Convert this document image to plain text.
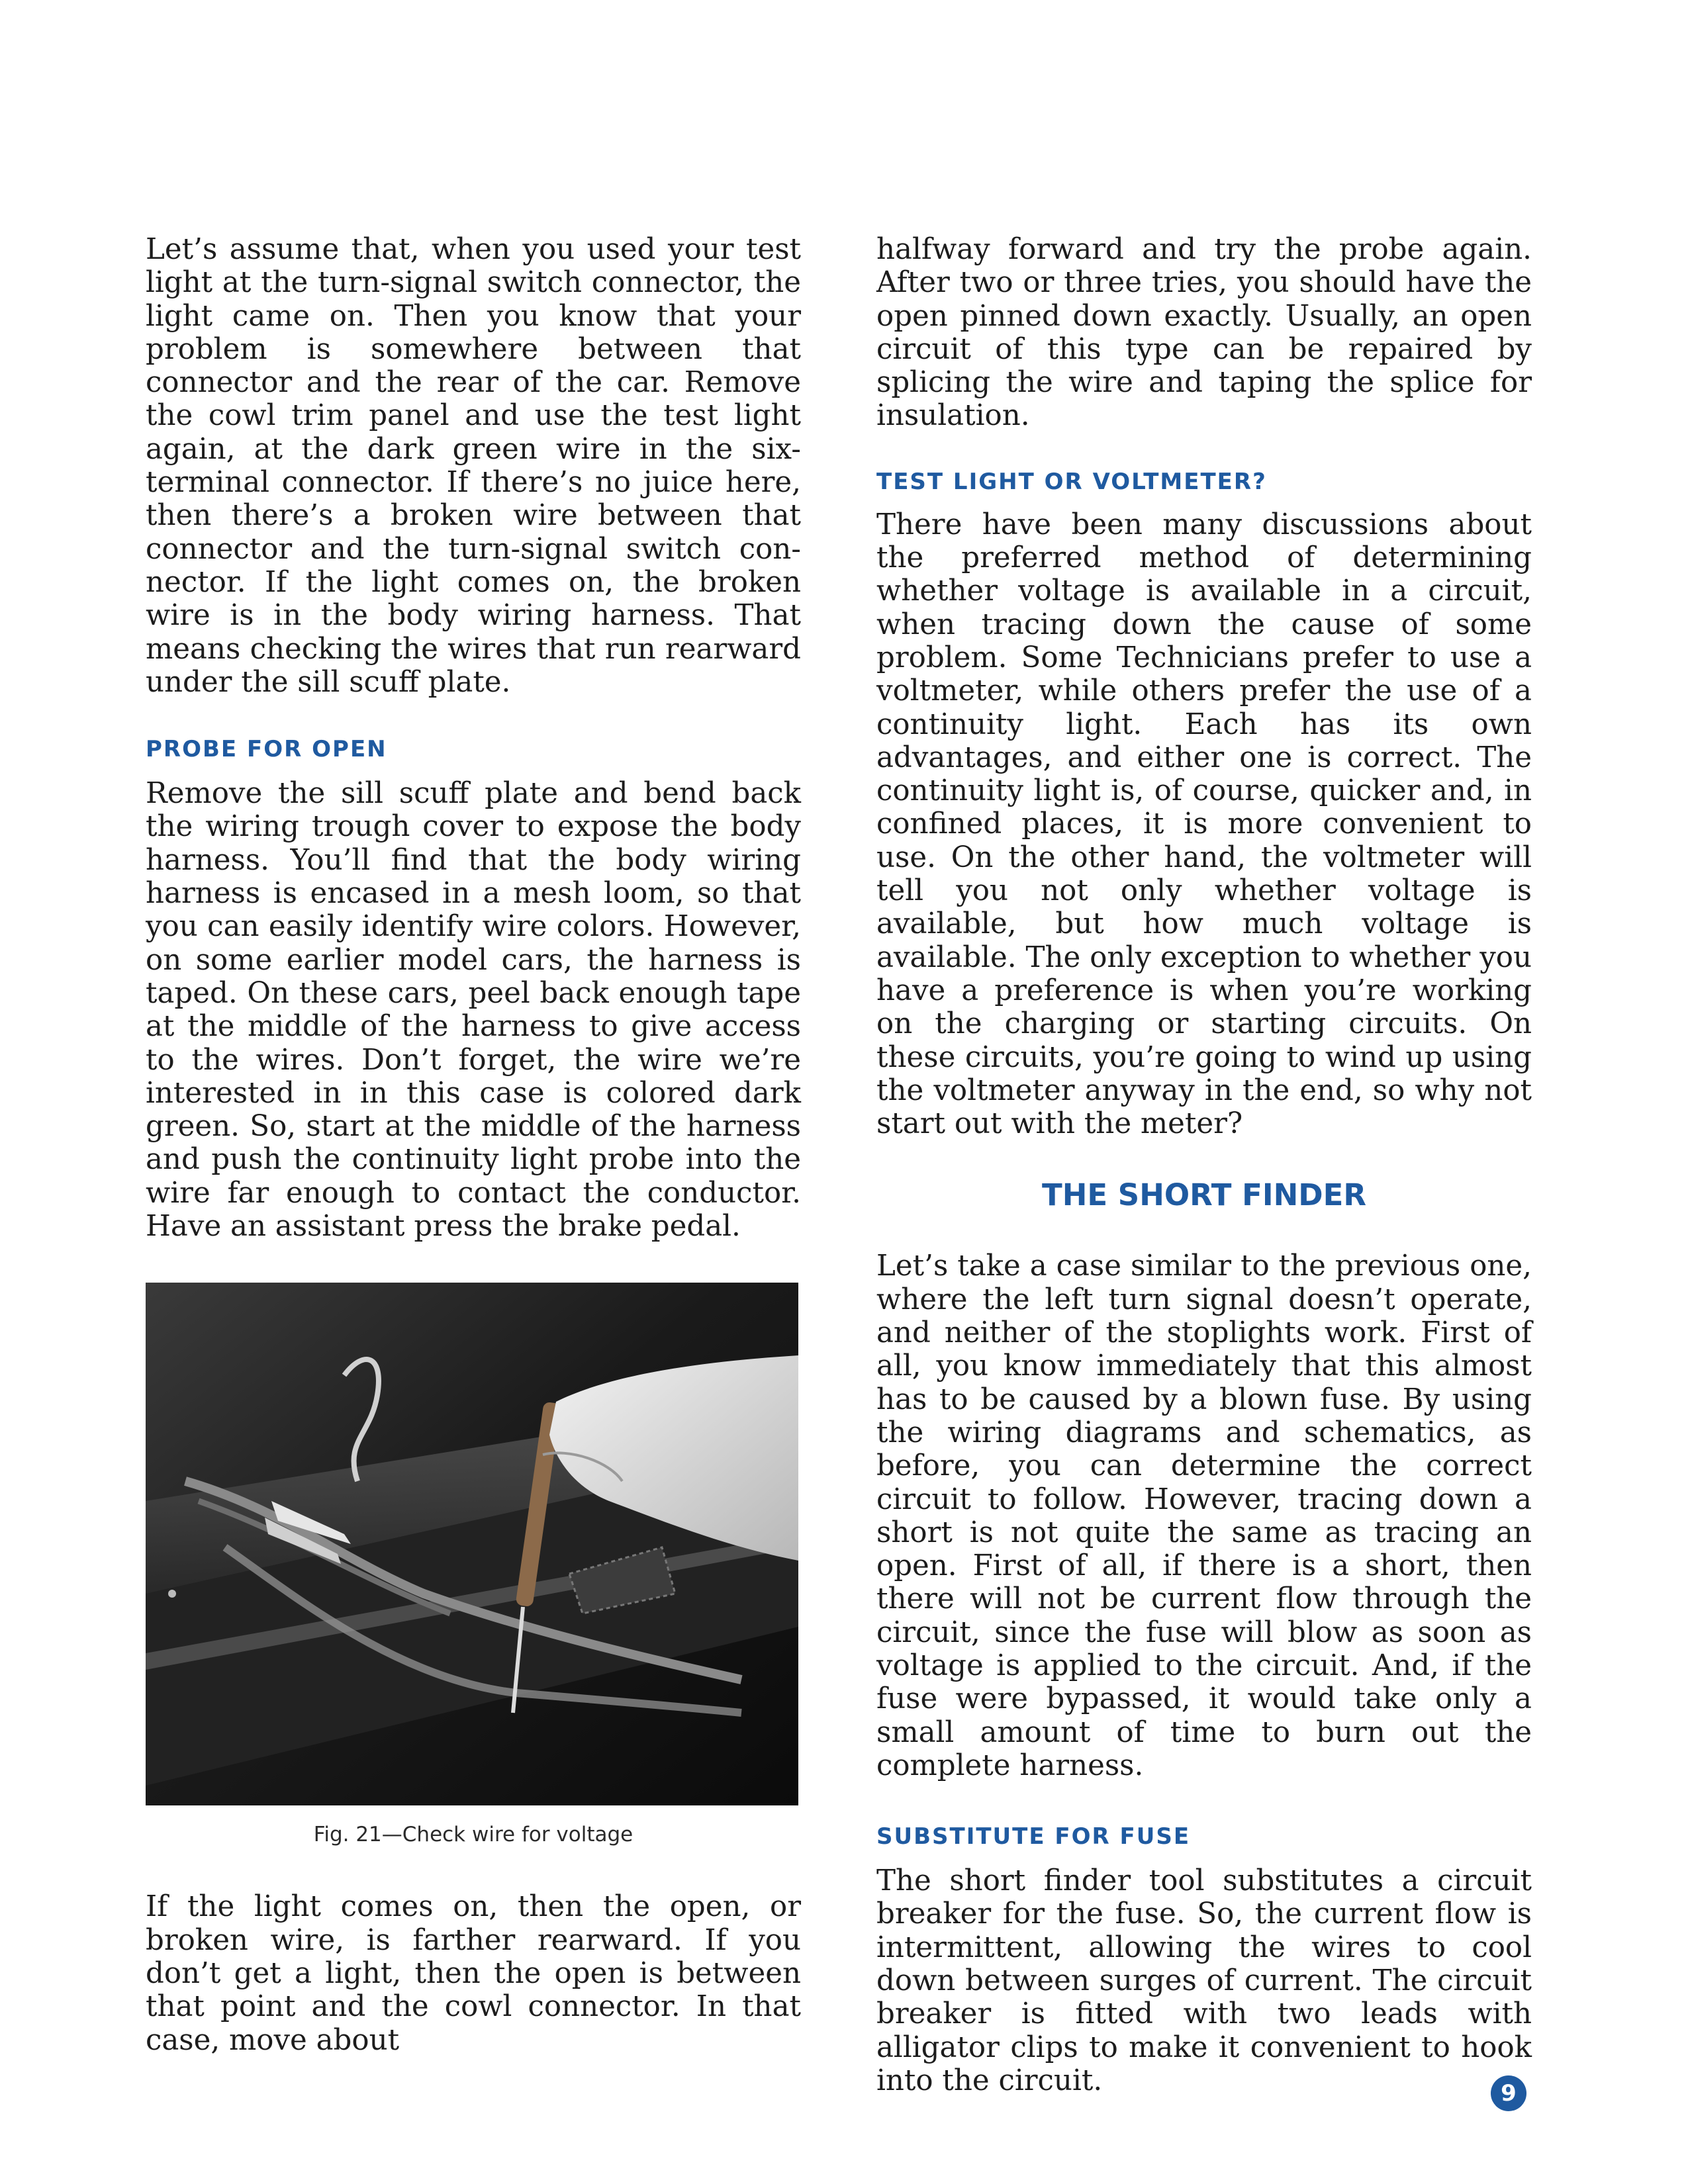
Let’s assume that, when you used your test light at the turn-signal switch connector, the light came on. Then you know that your problem is somewhere between that connector and the rear of the car. Remove the cowl trim panel and use the test light again, at the dark green wire in the six-terminal connector. If there’s no juice here, then there’s a broken wire between that connector and the turn-signal switch connector. If the light comes on, the broken wire is in the body wiring harness. That means checking the wires that run rearward under the sill scuff plate.

PROBE FOR OPEN

Remove the sill scuff plate and bend back the wiring trough cover to expose the body harness. You’ll find that the body wiring harness is encased in a mesh loom, so that you can easily identify wire colors. However, on some earlier model cars, the harness is taped. On these cars, peel back enough tape at the middle of the harness to give access to the wires. Don’t forget, the wire we’re interested in in this case is colored dark green. So, start at the middle of the harness and push the continuity light probe into the wire far enough to contact the conductor. Have an assistant press the brake pedal.

Fig. 21—Check wire for voltage

If the light comes on, then the open, or broken wire, is farther rearward. If you don’t get a light, then the open is between that point and the cowl connector. In that case, move about

halfway forward and try the probe again. After two or three tries, you should have the open pinned down exactly. Usually, an open circuit of this type can be repaired by splicing the wire and taping the splice for insulation.

TEST LIGHT OR VOLTMETER?

There have been many discussions about the preferred method of determining whether voltage is available in a circuit, when tracing down the cause of some problem. Some Technicians prefer to use a voltmeter, while others prefer the use of a continuity light. Each has its own advantages, and either one is correct. The continuity light is, of course, quicker and, in confined places, it is more convenient to use. On the other hand, the voltmeter will tell you not only whether voltage is available, but how much voltage is available. The only exception to whether you have a preference is when you’re working on the charging or starting circuits. On these circuits, you’re going to wind up using the voltmeter anyway in the end, so why not start out with the meter?

THE SHORT FINDER

Let’s take a case similar to the previous one, where the left turn signal doesn’t operate, and neither of the stoplights work. First of all, you know immediately that this almost has to be caused by a blown fuse. By using the wiring diagrams and schematics, as before, you can determine the correct circuit to follow. However, tracing down a short is not quite the same as tracing an open. First of all, if there is a short, then there will not be current flow through the circuit, since the fuse will blow as soon as voltage is applied to the circuit. And, if the fuse were bypassed, it would take only a small amount of time to burn out the complete harness.

SUBSTITUTE FOR FUSE

The short finder tool substitutes a circuit breaker for the fuse. So, the current flow is intermittent, allowing the wires to cool down between surges of current. The circuit breaker is fitted with two leads with alligator clips to make it convenient to hook into the circuit.	9
